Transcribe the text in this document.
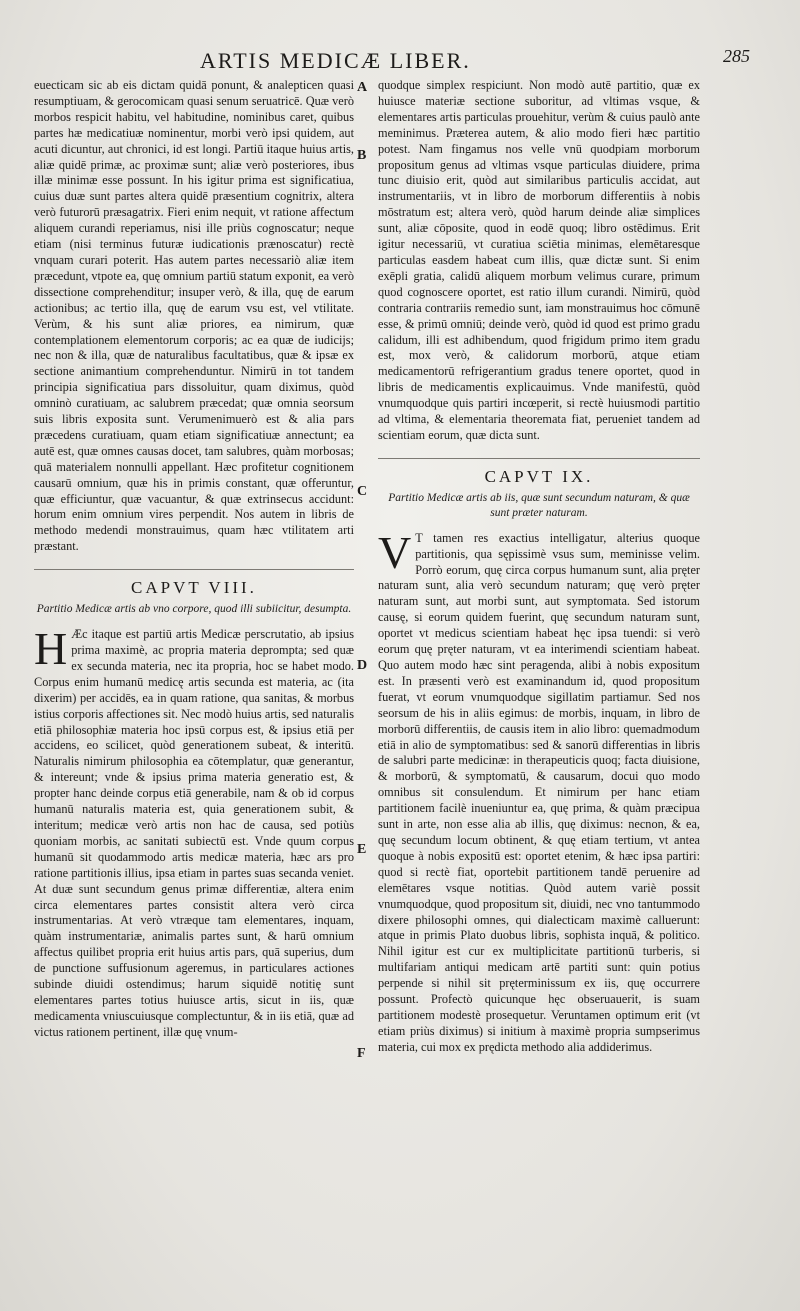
ARTIS MEDICÆ LIBER.	285
A
B
C
D
E
F

euecticam sic ab eis dictam quidā ponunt, & analepticen quasi resumptiuam, & gerocomicam quasi senum seruatricē. Quæ verò morbos respicit habitu, vel habitudine, nominibus caret, quibus partes hæ medicatiuæ nominentur, morbi verò ipsi quidem, aut acuti dicuntur, aut chronici, id est longi. Partiū itaque huius artis, aliæ quidē primæ, ac proximæ sunt; aliæ verò posteriores, ibus illæ minimæ esse possunt. In his igitur prima est significatiua, cuius duæ sunt partes altera quidē præsentium cognitrix, altera verò futurorū præsagatrix. Fieri enim nequit, vt ratione affectum aliquem curandi reperiamus, nisi ille priùs cognoscatur; neque etiam (nisi terminus futuræ iudicationis prænoscatur) rectè vnquam curari poterit. Has autem partes necessariò aliæ item præcedunt, vtpote ea, quę omnium partiū statum exponit, ea verò dissectione comprehenditur; insuper verò, & illa, quę de earum actionibus; ac tertio illa, quę de earum vsu est, vel vtilitate. Verùm, & his sunt aliæ priores, ea nimirum, quæ contemplationem elementorum corporis; ac ea quæ de iudicijs; nec non & illa, quæ de naturalibus facultatibus, quæ & ipsæ ex sectione animantium comprehenduntur. Nimirū in tot tandem principia significatiua pars dissoluitur, quam diximus, quòd omninò curatiuam, ac salubrem præcedat; quæ omnia seorsum suis libris exposita sunt. Verumenimuerò est & alia pars præcedens curatiuam, quam etiam significatiuæ annectunt; ea autē est, quæ omnes causas docet, tam salubres, quàm morbosas; quā materialem nonnulli appellant. Hæc profitetur cognitionem causarū omnium, quæ his in primis constant, quæ offeruntur, quæ efficiuntur, quæ vacuantur, & quæ extrinsecus accidunt: horum enim omnium vires perpendit. Nos autem in libris de methodo medendi monstrauimus, quam hæc vtilitatem arti præstant.

CAPVT VIII.
Partitio Medicæ artis ab vno corpore, quod illi subiicitur, desumpta.

H Æc itaque est partiū artis Medicæ perscrutatio, ab ipsius prima maximè, ac propria materia deprompta; sed quæ ex secunda materia, nec ita propria, hoc se habet modo. Corpus enim humanū medicę artis secunda est materia, ac (ita dixerim) per accidēs, ea in quam ratione, qua sanitas, & morbus istius corporis affectiones sit. Nec modò huius artis, sed naturalis etiā philosophiæ materia hoc ipsū corpus est, & ipsius etiā per accidens, eo scilicet, quòd generationem subeat, & interitū. Naturalis nimirum philosophia ea cōtemplatur, quæ generantur, & intereunt; vnde & ipsius prima materia generatio est, & propter hanc deinde corpus etiā generabile, nam & ob id corpus humanū naturalis materia est, quia generationem subit, & interitum; medicæ verò artis non hac de causa, sed potiùs quoniam morbis, ac sanitati subiectū est. Vnde quum corpus humanū sit quodammodo artis medicæ materia, hæc ars pro ratione partitionis illius, ipsa etiam in partes suas secanda veniet. At duæ sunt secundum genus primæ differentiæ, altera enim circa elementares partes consistit altera verò circa instrumentarias. At verò vtræque tam elementares, inquam, quàm instrumentariæ, animalis partes sunt, & harū omnium affectus quilibet propria erit huius artis pars, quā superius, dum de punctione suffusionum ageremus, in particulares actiones subinde diuidi ostendimus; harum siquidē notitię sunt elementares partes totius huiusce artis, sicut in iis, quæ medicamenta vniuscuiusque complectuntur, & in iis etiā, quæ ad victus rationem pertinent, illæ quę vnum-

quodque simplex respiciunt. Non modò autē partitio, quæ ex huiusce materiæ sectione suboritur, ad vltimas vsque, & elementares artis particulas prouehitur, verùm & cuius paulò ante meminimus. Præterea autem, & alio modo fieri hæc partitio potest. Nam fingamus nos velle vnū quodpiam morborum propositum genus ad vltimas vsque particulas diuidere, prima tunc diuisio erit, quòd aut similaribus particulis accidat, aut instrumentariis, vt in libro de morborum differentiis à nobis mōstratum est; altera verò, quòd harum deinde aliæ simplices sunt, aliæ cōposite, quod in eodē quoq; libro ostēdimus. Erit igitur necessariū, vt curatiua sciētia minimas, elemētaresque particulas easdem habeat cum illis, quæ dictæ sunt. Si enim exēpli gratia, calidū aliquem morbum velimus curare, primum quod cognoscere oportet, est ratio illum curandi. Nimirū, quòd contraria contrariis remedio sunt, iam monstrauimus hoc cōmunē esse, & primū omniū; deinde verò, quòd id quod est primo gradu calidum, illi est adhibendum, quod frigidum primo item gradu est, mox verò, & calidorum morborū, atque etiam medicamentorū refrigerantium gradus tenere oportet, quod in libris de medicamentis explicauimus. Vnde manifestū, quòd vnumquodque quis partiri incœperit, si rectè huiusmodi partitio ad vltima, & elementaria theoremata fiat, perueniet tandem ad scientiam eorum, quæ dicta sunt.

CAPVT IX.
Partitio Medicæ artis ab iis, quæ sunt secundum naturam, & quæ sunt præter naturam.

V T tamen res exactius intelligatur, alterius quoque partitionis, qua sępissimè vsus sum, meminisse velim. Porrò eorum, quę circa corpus humanum sunt, alia pręter naturam sunt, alia verò secundum naturam; quę verò pręter naturam sunt, aut morbi sunt, aut symptomata. Sed istorum causę, si eorum quidem fuerint, quę secundum naturam sunt, oportet vt medicus scientiam habeat hęc ipsa tuendi: si verò eorum quę pręter naturam, vt ea interimendi scientiam habeat. Quo autem modo hæc sint peragenda, alibi à nobis expositum est. In præsenti verò est examinandum id, quod propositum fuerat, vt eorum vnumquodque sigillatim partiamur. Sed nos seorsum de his in aliis egimus: de morbis, inquam, in libro de morborū differentiis, de causis item in alio libro: quemadmodum etiā in alio de symptomatibus: sed & sanorū differentias in libris de salubri parte medicinæ: in therapeuticis quoq; facta diuisione, & morborū, & symptomatū, & causarum, docui quo modo omnibus sit consulendum. Et nimirum per hanc etiam partitionem facilè inueniuntur ea, quę prima, & quàm præcipua sunt in arte, non esse alia ab illis, quę diximus: necnon, & ea, quę secundum locum obtinent, & quę etiam tertium, vt antea quoque à nobis expositū est: oportet etenim, & hæc ipsa partiri: quod si rectè fiat, oportebit partitionem tandē peruenire ad elemētares vsque notitias. Quòd autem variè possit vnumquodque, quod propositum sit, diuidi, nec vno tantummodo dixere philosophi omnes, qui dialecticam maximè calluerunt: atque in primis Plato duobus libris, sophista inquā, & politico. Nihil igitur est cur ex multiplicitate partitionū turberis, si multifariam antiqui medicam artē partiti sunt: quin potius perpende si nihil sit pręterminissum ex iis, quę occurrere possunt. Profectò quicunque hęc obseruauerit, is suam partitionem modestè prosequetur. Veruntamen optimum erit (vt etiam priùs diximus) si initium à maximè propria sumpserimus materia, cui mox ex prędicta methodo alia addiderimus.
